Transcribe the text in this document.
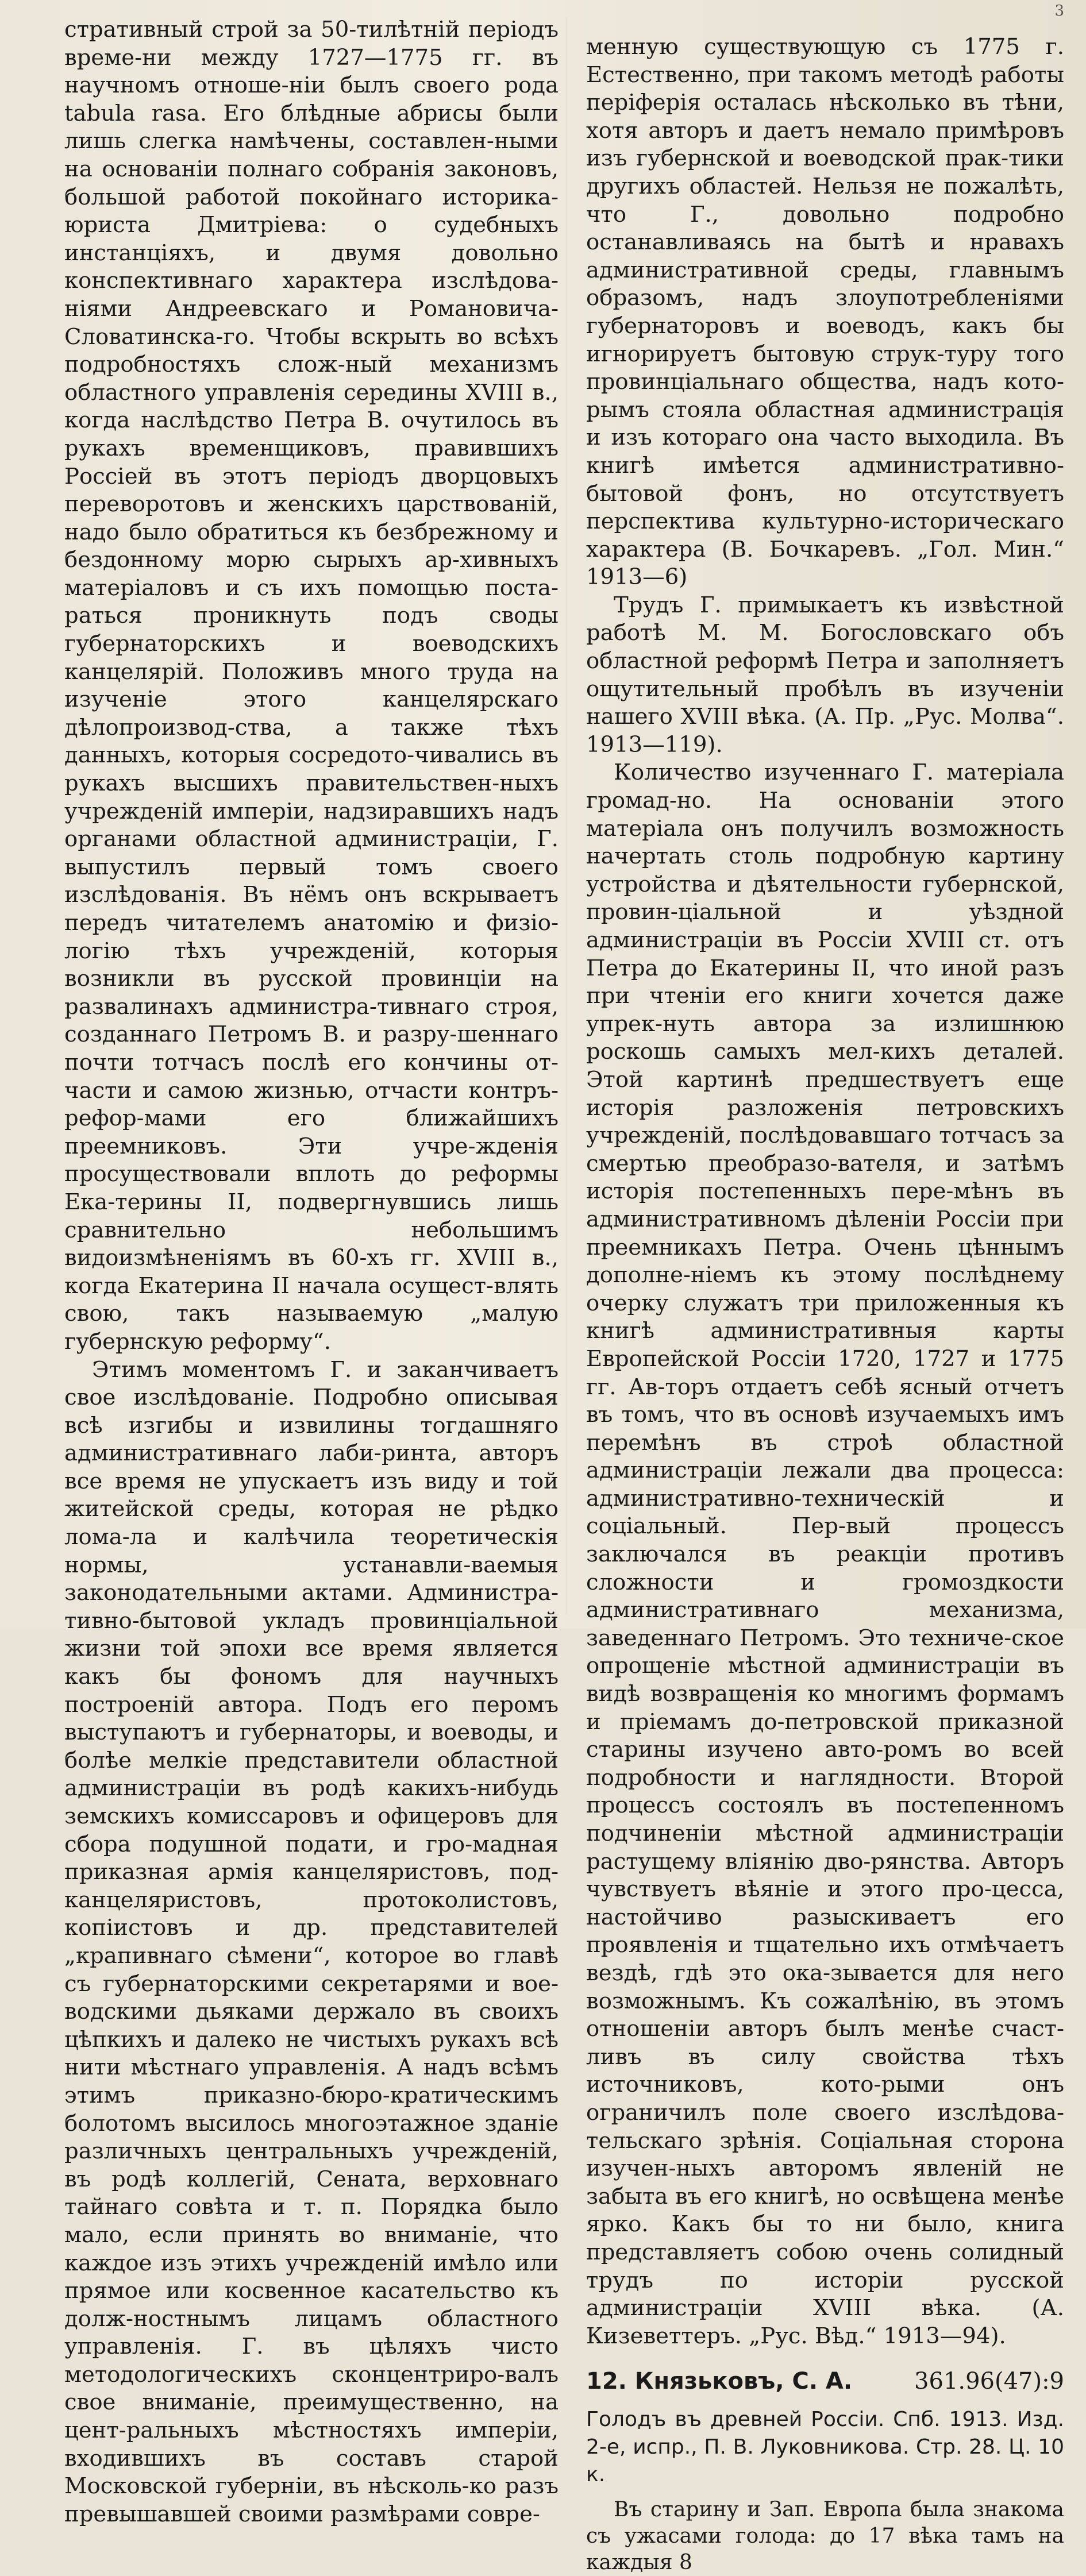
3

стративный строй за 50-тилѣтній періодъ време-ни между 1727—1775 гг. въ научномъ отноше-ніи былъ своего рода tabula rasa. Его блѣдные абрисы были лишь слегка намѣчены, составлен-ными на основаніи полнаго собранія законовъ, большой работой покойнаго историка-юриста Дмитріева: о судебныхъ инстанціяхъ, и двумя довольно конспективнаго характера изслѣдова-ніями Андреевскаго и Романовича-Словатинска-го. Чтобы вскрыть во всѣхъ подробностяхъ слож-ный механизмъ областного управленія середины XVIII в., когда наслѣдство Петра В. очутилось въ рукахъ временщиковъ, правившихъ Россіей въ этотъ періодъ дворцовыхъ переворотовъ и женскихъ царствованій, надо было обратиться къ безбрежному и бездонному морю сырыхъ ар-хивныхъ матеріаловъ и съ ихъ помощью поста-раться проникнуть подъ своды губернаторскихъ и воеводскихъ канцелярій. Положивъ много труда на изученіе этого канцелярскаго дѣлопроизвод-ства, а также тѣхъ данныхъ, которыя сосредото-чивались въ рукахъ высшихъ правительствен-ныхъ учрежденій имперіи, надзиравшихъ надъ органами областной администраціи, Г. выпустилъ первый томъ своего изслѣдованія. Въ нёмъ онъ вскрываетъ передъ читателемъ анатомію и физіо-логію тѣхъ учрежденій, которыя возникли въ русской провинціи на развалинахъ администра-тивнаго строя, созданнаго Петромъ В. и разру-шеннаго почти тотчасъ послѣ его кончины от-части и самою жизнью, отчасти контръ-рефор-мами его ближайшихъ преемниковъ. Эти учре-жденія просуществовали вплоть до реформы Ека-терины II, подвергнувшись лишь сравнительно небольшимъ видоизмѣненіямъ въ 60-хъ гг. XVIII в., когда Екатерина II начала осущест-влять свою, такъ называемую „малую губернскую реформу“.

Этимъ моментомъ Г. и заканчиваетъ свое изслѣдованіе. Подробно описывая всѣ изгибы и извилины тогдашняго административнаго лаби-ринта, авторъ все время не упускаетъ изъ виду и той житейской среды, которая не рѣдко лома-ла и калѣчила теоретическія нормы, устанавли-ваемыя законодательными актами. Администра-тивно-бытовой укладъ провинціальной жизни той эпохи все время является какъ бы фономъ для научныхъ построеній автора. Подъ его перомъ выступаютъ и губернаторы, и воеводы, и болѣе мелкіе представители областной администраціи въ родѣ какихъ-нибудь земскихъ комиссаровъ и офицеровъ для сбора подушной подати, и гро-мадная приказная армія канцеляристовъ, под-канцеляристовъ, протоколистовъ, копіистовъ и др. представителей „крапивнаго сѣмени“, которое во главѣ съ губернаторскими секретарями и вое-водскими дьяками держало въ своихъ цѣпкихъ и далеко не чистыхъ рукахъ всѣ нити мѣстнаго управленія. А надъ всѣмъ этимъ приказно-бюро-кратическимъ болотомъ высилось многоэтажное зданіе различныхъ центральныхъ учрежденій, въ родѣ коллегій, Сената, верховнаго тайнаго совѣта и т. п. Порядка было мало, если принять во вниманіе, что каждое изъ этихъ учрежденій имѣло или прямое или косвенное касательство къ долж-ностнымъ лицамъ областного управленія. Г. въ цѣляхъ чисто методологическихъ сконцентриро-валъ свое вниманіе, преимущественно, на цент-ральныхъ мѣстностяхъ имперіи, входившихъ въ составъ старой Московской губерніи, въ нѣсколь-ко разъ превышавшей своими размѣрами совре-

менную существующую съ 1775 г. Естественно, при такомъ методѣ работы періферія осталась нѣсколько въ тѣни, хотя авторъ и даетъ немало примѣровъ изъ губернской и воеводской прак-тики другихъ областей. Нельзя не пожалѣть, что Г., довольно подробно останавливаясь на бытѣ и нравахъ административной среды, главнымъ образомъ, надъ злоупотребленіями губернаторовъ и воеводъ, какъ бы игнорируетъ бытовую струк-туру того провинціальнаго общества, надъ кото-рымъ стояла областная администрація и изъ котораго она часто выходила. Въ книгѣ имѣется административно-бытовой фонъ, но отсутствуетъ перспектива культурно-историческаго характера (В. Бочкаревъ. „Гол. Мин.“ 1913—6)

Трудъ Г. примыкаетъ къ извѣстной работѣ М. М. Богословскаго объ областной реформѣ Петра и заполняетъ ощутительный пробѣлъ въ изученіи нашего XVIII вѣка. (А. Пр. „Рус. Молва“. 1913—119).

Количество изученнаго Г. матеріала громад-но. На основаніи этого матеріала онъ получилъ возможность начертать столь подробную картину устройства и дѣятельности губернской, провин-ціальной и уѣздной администраціи въ Россіи XVIII ст. отъ Петра до Екатерины II, что иной разъ при чтеніи его книги хочется даже упрек-нуть автора за излишнюю роскошь самыхъ мел-кихъ деталей. Этой картинѣ предшествуетъ еще исторія разложенія петровскихъ учрежденій, послѣдовавшаго тотчасъ за смертью преобразо-вателя, и затѣмъ исторія постепенныхъ пере-мѣнъ въ административномъ дѣленіи Россіи при преемникахъ Петра. Очень цѣннымъ дополне-ніемъ къ этому послѣднему очерку служатъ три приложенныя къ книгѣ административныя карты Европейской Россіи 1720, 1727 и 1775 гг. Ав-торъ отдаетъ себѣ ясный отчетъ въ томъ, что въ основѣ изучаемыхъ имъ перемѣнъ въ строѣ областной администраціи лежали два процесса: административно-техническій и соціальный. Пер-вый процессъ заключался въ реакціи противъ сложности и громоздкости административнаго механизма, заведеннаго Петромъ. Это техниче-ское опрощеніе мѣстной администраціи въ видѣ возвращенія ко многимъ формамъ и пріемамъ до-петровской приказной старины изучено авто-ромъ во всей подробности и наглядности. Второй процессъ состоялъ въ постепенномъ подчиненіи мѣстной администраціи растущему вліянію дво-рянства. Авторъ чувствуетъ вѣяніе и этого про-цесса, настойчиво разыскиваетъ его проявленія и тщательно ихъ отмѣчаетъ вездѣ, гдѣ это ока-зывается для него возможнымъ. Къ сожалѣнію, въ этомъ отношеніи авторъ былъ менѣе счаст-ливъ въ силу свойства тѣхъ источниковъ, кото-рыми онъ ограничилъ поле своего изслѣдова-тельскаго зрѣнія. Соціальная сторона изучен-ныхъ авторомъ явленій не забыта въ его книгѣ, но освѣщена менѣе ярко. Какъ бы то ни было, книга представляетъ собою очень солидный трудъ по исторіи русской администраціи XVIII вѣка. (А. Кизеветтеръ. „Рус. Вѣд.“ 1913—94).

12. Князьковъ, С. А.	361.96(47):9

Голодъ въ древней Россіи. Спб. 1913. Изд. 2-е, испр., П. В. Луковникова. Стр. 28. Ц. 10 к.

Въ старину и Зап. Европа была знакома съ ужасами голода: до 17 вѣка тамъ на каждыя 8
